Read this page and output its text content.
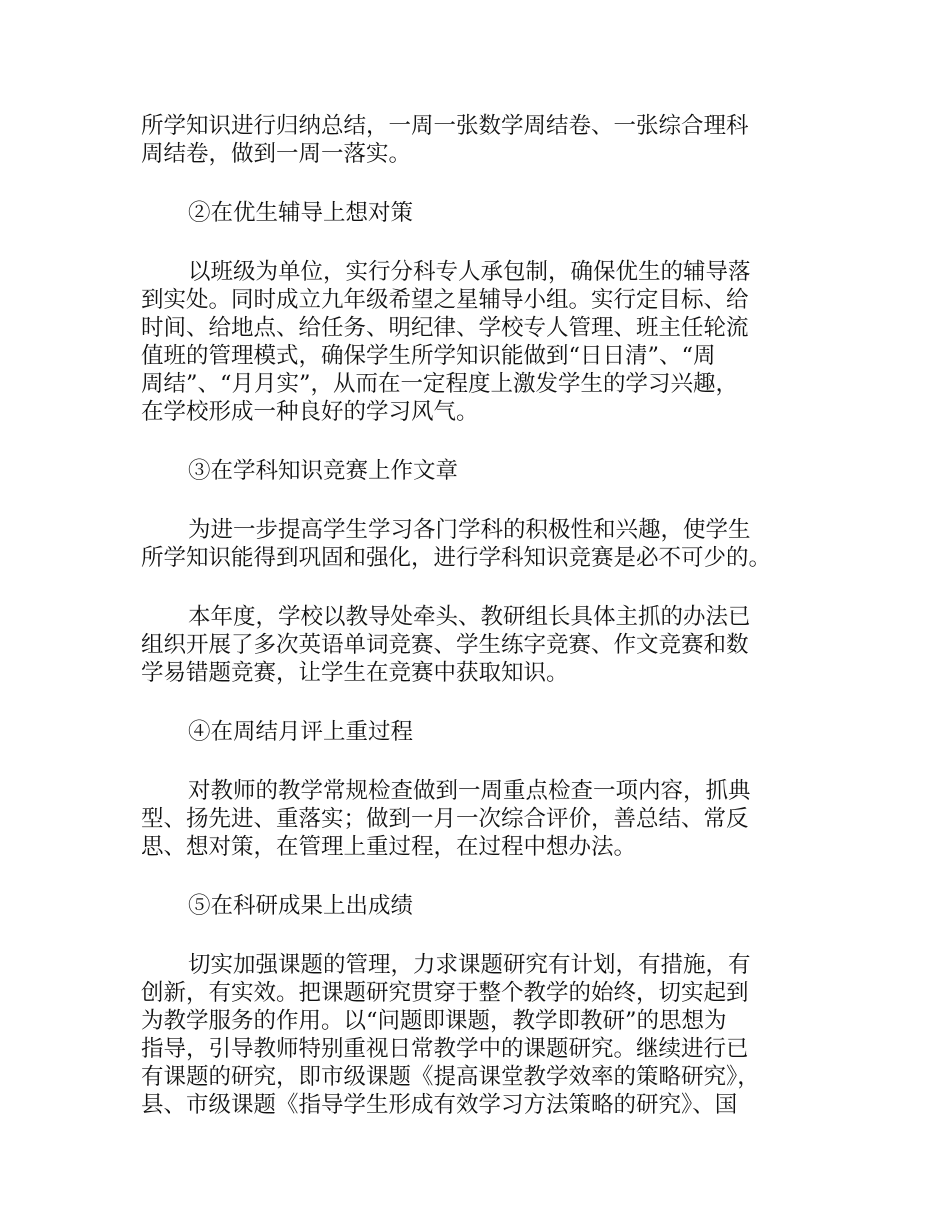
所学知识进行归纳总结，一周一张数学周结卷、一张综合理科
周结卷，做到一周一落实。
②在优生辅导上想对策
以班级为单位，实行分科专人承包制，确保优生的辅导落
到实处。同时成立九年级希望之星辅导小组。实行定目标、给
时间、给地点、给任务、明纪律、学校专人管理、班主任轮流
值班的管理模式，确保学生所学知识能做到“日日清”、“周
周结”、“月月实”，从而在一定程度上激发学生的学习兴趣，
在学校形成一种良好的学习风气。
③在学科知识竞赛上作文章
为进一步提高学生学习各门学科的积极性和兴趣，使学生
所学知识能得到巩固和强化，进行学科知识竞赛是必不可少的。
本年度，学校以教导处牵头、教研组长具体主抓的办法已
组织开展了多次英语单词竞赛、学生练字竞赛、作文竞赛和数
学易错题竞赛，让学生在竞赛中获取知识。
④在周结月评上重过程
对教师的教学常规检查做到一周重点检查一项内容，抓典
型、扬先进、重落实；做到一月一次综合评价，善总结、常反
思、想对策，在管理上重过程，在过程中想办法。
⑤在科研成果上出成绩
切实加强课题的管理，力求课题研究有计划，有措施，有
创新，有实效。把课题研究贯穿于整个教学的始终，切实起到
为教学服务的作用。以“问题即课题，教学即教研”的思想为
指导，引导教师特别重视日常教学中的课题研究。继续进行已
有课题的研究，即市级课题《提高课堂教学效率的策略研究》，
县、市级课题《指导学生形成有效学习方法策略的研究》、国
